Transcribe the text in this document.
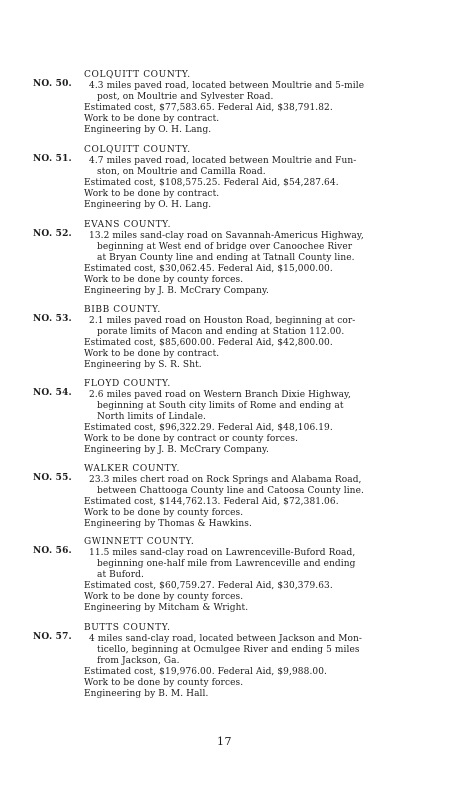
NO. 50.
COLQUITT COUNTY.
4.3 miles paved road, located between Moultrie and 5-mile
post, on Moultrie and Sylvester Road.
Estimated cost, $77,583.65. Federal Aid, $38,791.82.
Work to be done by contract.
Engineering by O. H. Lang.
NO. 51.
COLQUITT COUNTY.
4.7 miles paved road, located between Moultrie and Fun-
ston, on Moultrie and Camilla Road.
Estimated cost, $108,575.25. Federal Aid, $54,287.64.
Work to be done by contract.
Engineering by O. H. Lang.
NO. 52.
EVANS COUNTY.
13.2 miles sand-clay road on Savannah-Americus Highway,
beginning at West end of bridge over Canoochee River
at Bryan County line and ending at Tatnall County line.
Estimated cost, $30,062.45. Federal Aid, $15,000.00.
Work to be done by county forces.
Engineering by J. B. McCrary Company.
NO. 53.
BIBB COUNTY.
2.1 miles paved road on Houston Road, beginning at cor-
porate limits of Macon and ending at Station 112.00.
Estimated cost, $85,600.00. Federal Aid, $42,800.00.
Work to be done by contract.
Engineering by S. R. Sht.
NO. 54.
FLOYD COUNTY.
2.6 miles paved road on Western Branch Dixie Highway,
beginning at South city limits of Rome and ending at
North limits of Lindale.
Estimated cost, $96,322.29. Federal Aid, $48,106.19.
Work to be done by contract or county forces.
Engineering by J. B. McCrary Company.
NO. 55.
WALKER COUNTY.
23.3 miles chert road on Rock Springs and Alabama Road,
between Chattooga County line and Catoosa County line.
Estimated cost, $144,762.13. Federal Aid, $72,381.06.
Work to be done by county forces.
Engineering by Thomas & Hawkins.
NO. 56.
GWINNETT COUNTY.
11.5 miles sand-clay road on Lawrenceville-Buford Road,
beginning one-half mile from Lawrenceville and ending
at Buford.
Estimated cost, $60,759.27. Federal Aid, $30,379.63.
Work to be done by county forces.
Engineering by Mitcham & Wright.
NO. 57.
BUTTS COUNTY.
4 miles sand-clay road, located between Jackson and Mon-
ticello, beginning at Ocmulgee River and ending 5 miles
from Jackson, Ga.
Estimated cost, $19,976.00. Federal Aid, $9,988.00.
Work to be done by county forces.
Engineering by B. M. Hall.
17
